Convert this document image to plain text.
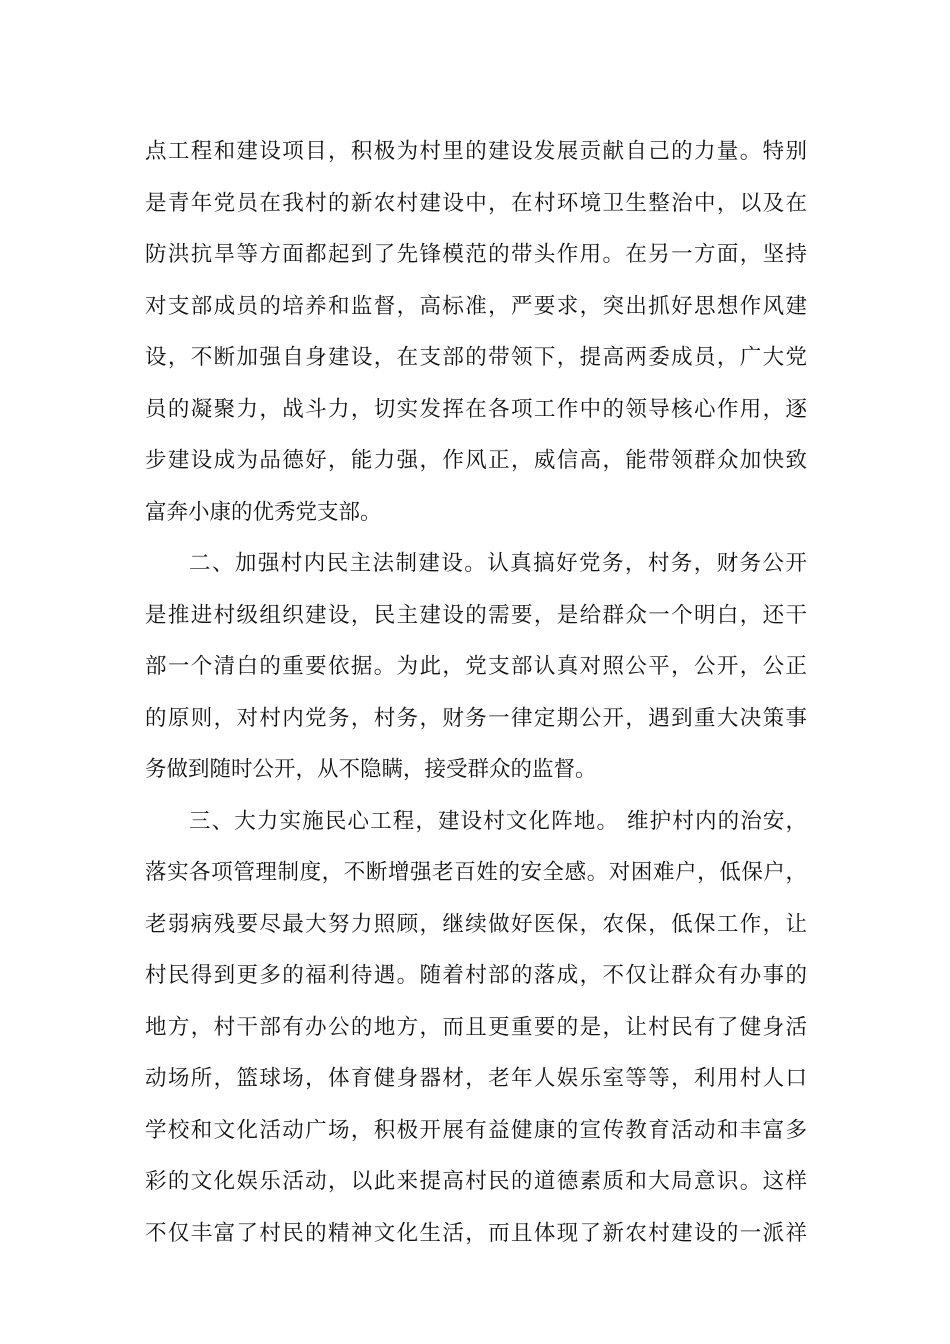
点工程和建设项目，积极为村里的建设发展贡献自己的力量。特别
是青年党员在我村的新农村建设中，在村环境卫生整治中，以及在
防洪抗旱等方面都起到了先锋模范的带头作用。在另一方面，坚持
对支部成员的培养和监督，高标准，严要求，突出抓好思想作风建
设，不断加强自身建设，在支部的带领下，提高两委成员，广大党
员的凝聚力，战斗力，切实发挥在各项工作中的领导核心作用，逐
步建设成为品德好，能力强，作风正，威信高，能带领群众加快致
富奔小康的优秀党支部。
二、加强村内民主法制建设。认真搞好党务，村务，财务公开
是推进村级组织建设，民主建设的需要，是给群众一个明白，还干
部一个清白的重要依据。为此，党支部认真对照公平，公开，公正
的原则，对村内党务，村务，财务一律定期公开，遇到重大决策事
务做到随时公开，从不隐瞒，接受群众的监督。
三、大力实施民心工程，建设村文化阵地。 维护村内的治安，
落实各项管理制度，不断增强老百姓的安全感。对困难户，低保户，
老弱病残要尽最大努力照顾，继续做好医保，农保，低保工作，让
村民得到更多的福利待遇。随着村部的落成，不仅让群众有办事的
地方，村干部有办公的地方，而且更重要的是，让村民有了健身活
动场所，篮球场，体育健身器材，老年人娱乐室等等，利用村人口
学校和文化活动广场，积极开展有益健康的宣传教育活动和丰富多
彩的文化娱乐活动，以此来提高村民的道德素质和大局意识。这样
不仅丰富了村民的精神文化生活，而且体现了新农村建设的一派祥
